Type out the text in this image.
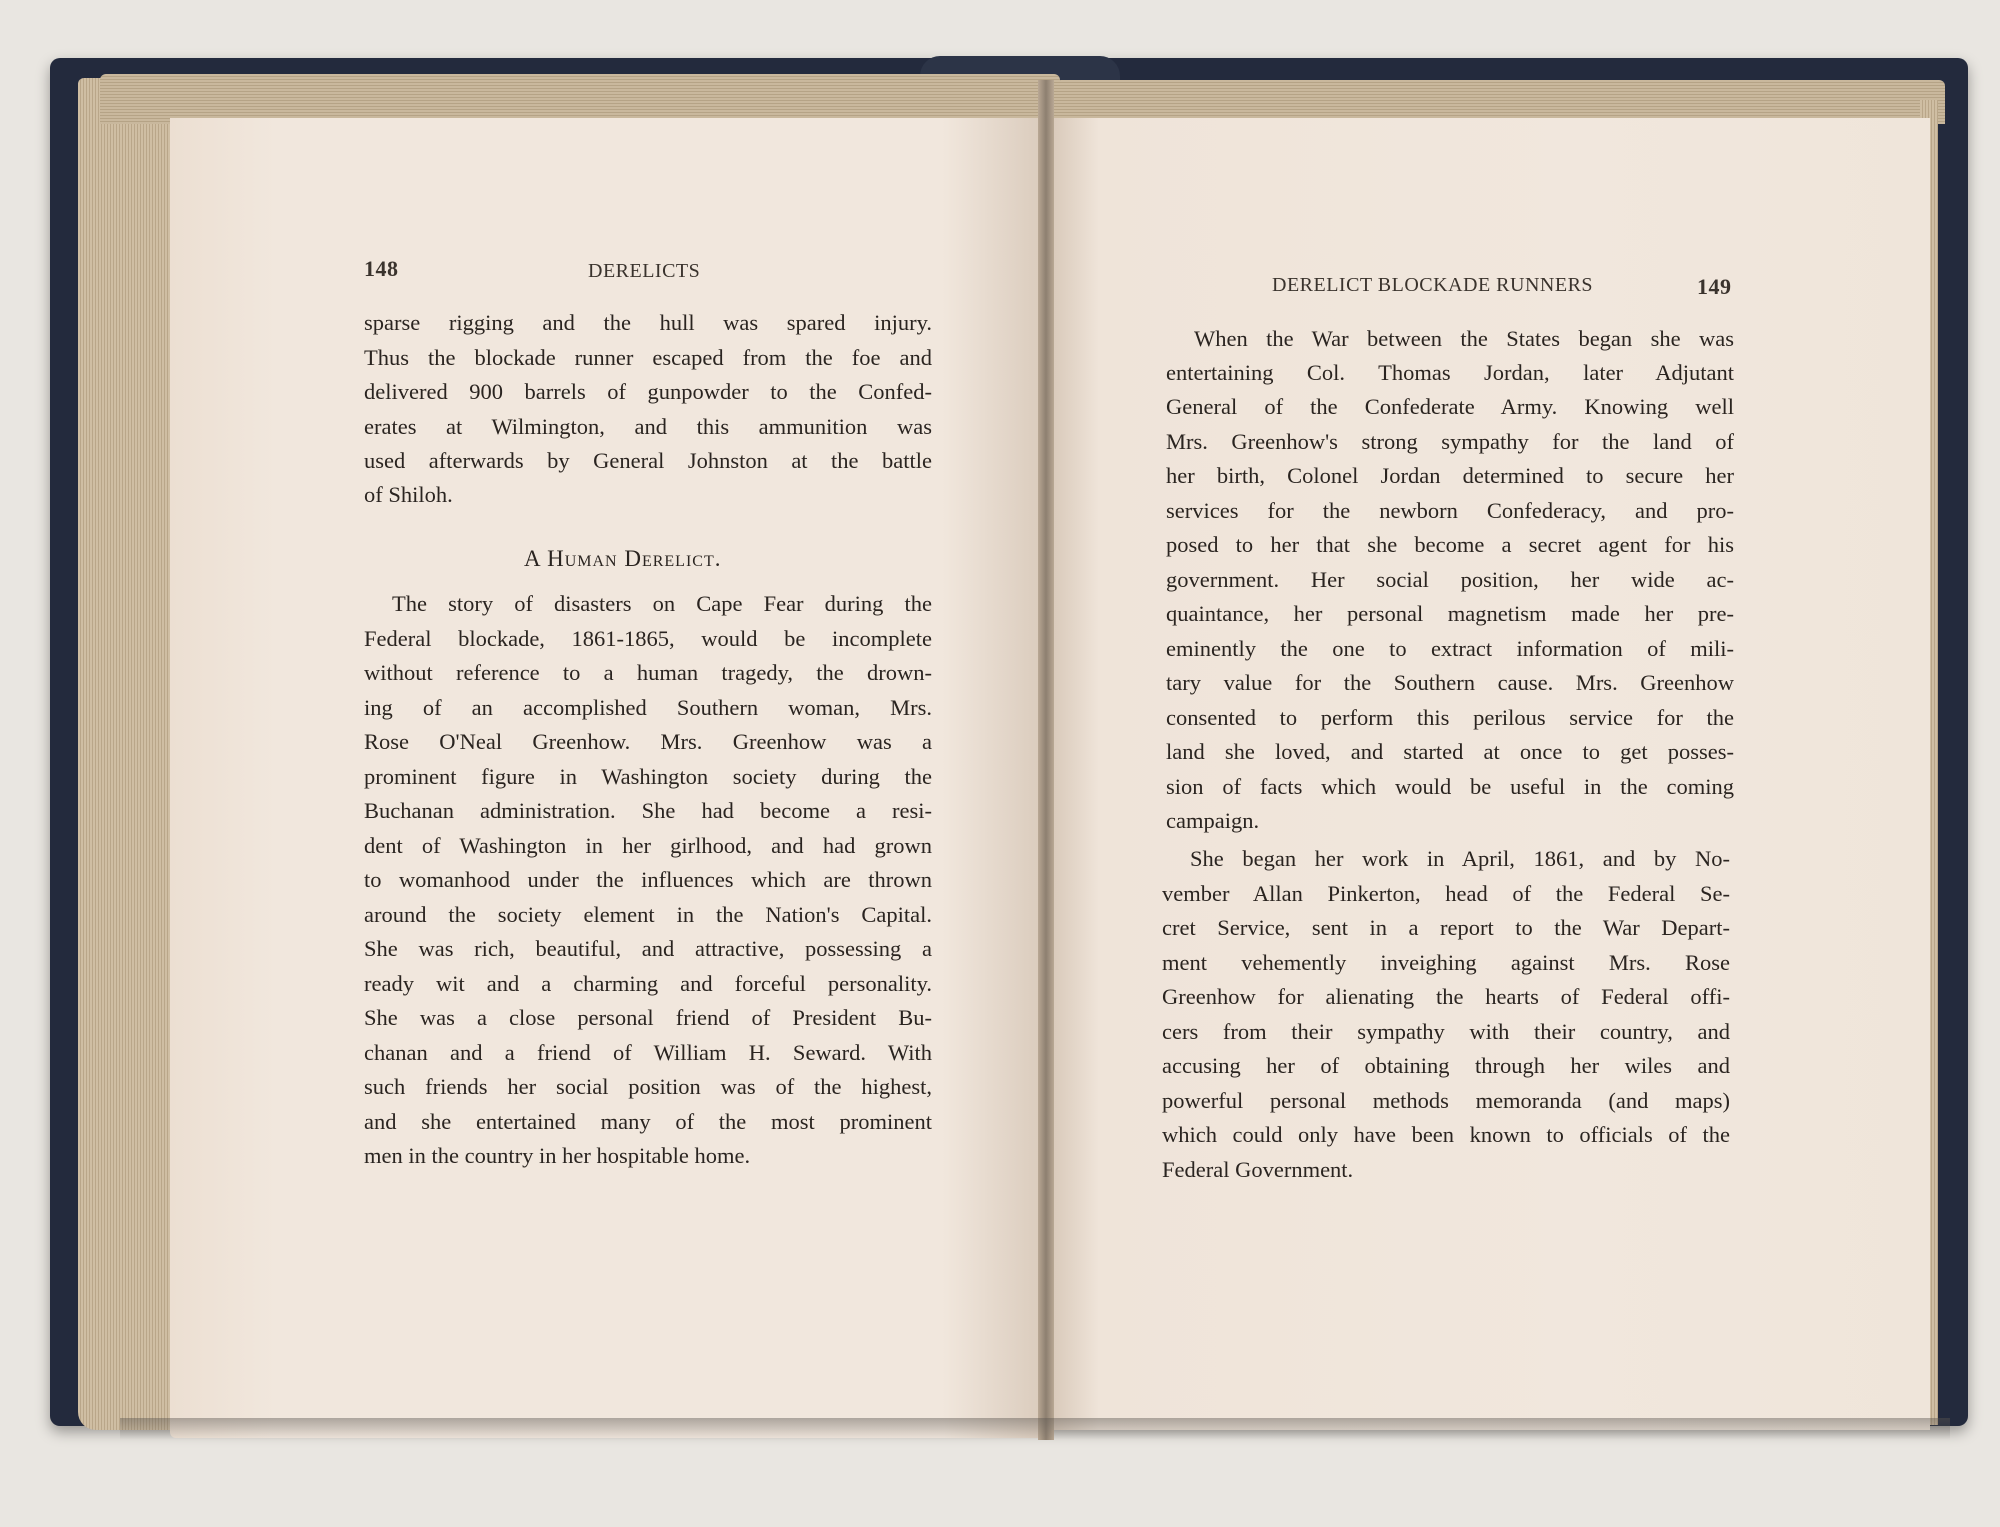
148	DERELICTS
sparse rigging and the hull was spared injury.
Thus the blockade runner escaped from the foe and
delivered 900 barrels of gunpowder to the Confed-
erates at Wilmington, and this ammunition was
used afterwards by General Johnston at the battle
of Shiloh.
A Human Derelict.
The story of disasters on Cape Fear during the
Federal blockade, 1861-1865, would be incomplete
without reference to a human tragedy, the drown-
ing of an accomplished Southern woman, Mrs.
Rose O'Neal Greenhow. Mrs. Greenhow was a
prominent figure in Washington society during the
Buchanan administration. She had become a resi-
dent of Washington in her girlhood, and had grown
to womanhood under the influences which are thrown
around the society element in the Nation's Capital.
She was rich, beautiful, and attractive, possessing a
ready wit and a charming and forceful personality.
She was a close personal friend of President Bu-
chanan and a friend of William H. Seward. With
such friends her social position was of the highest,
and she entertained many of the most prominent
men in the country in her hospitable home.
DERELICT BLOCKADE RUNNERS	149
When the War between the States began she was
entertaining Col. Thomas Jordan, later Adjutant
General of the Confederate Army. Knowing well
Mrs. Greenhow's strong sympathy for the land of
her birth, Colonel Jordan determined to secure her
services for the newborn Confederacy, and pro-
posed to her that she become a secret agent for his
government. Her social position, her wide ac-
quaintance, her personal magnetism made her pre-
eminently the one to extract information of mili-
tary value for the Southern cause. Mrs. Greenhow
consented to perform this perilous service for the
land she loved, and started at once to get posses-
sion of facts which would be useful in the coming
campaign.
She began her work in April, 1861, and by No-
vember Allan Pinkerton, head of the Federal Se-
cret Service, sent in a report to the War Depart-
ment vehemently inveighing against Mrs. Rose
Greenhow for alienating the hearts of Federal offi-
cers from their sympathy with their country, and
accusing her of obtaining through her wiles and
powerful personal methods memoranda (and maps)
which could only have been known to officials of the
Federal Government.
